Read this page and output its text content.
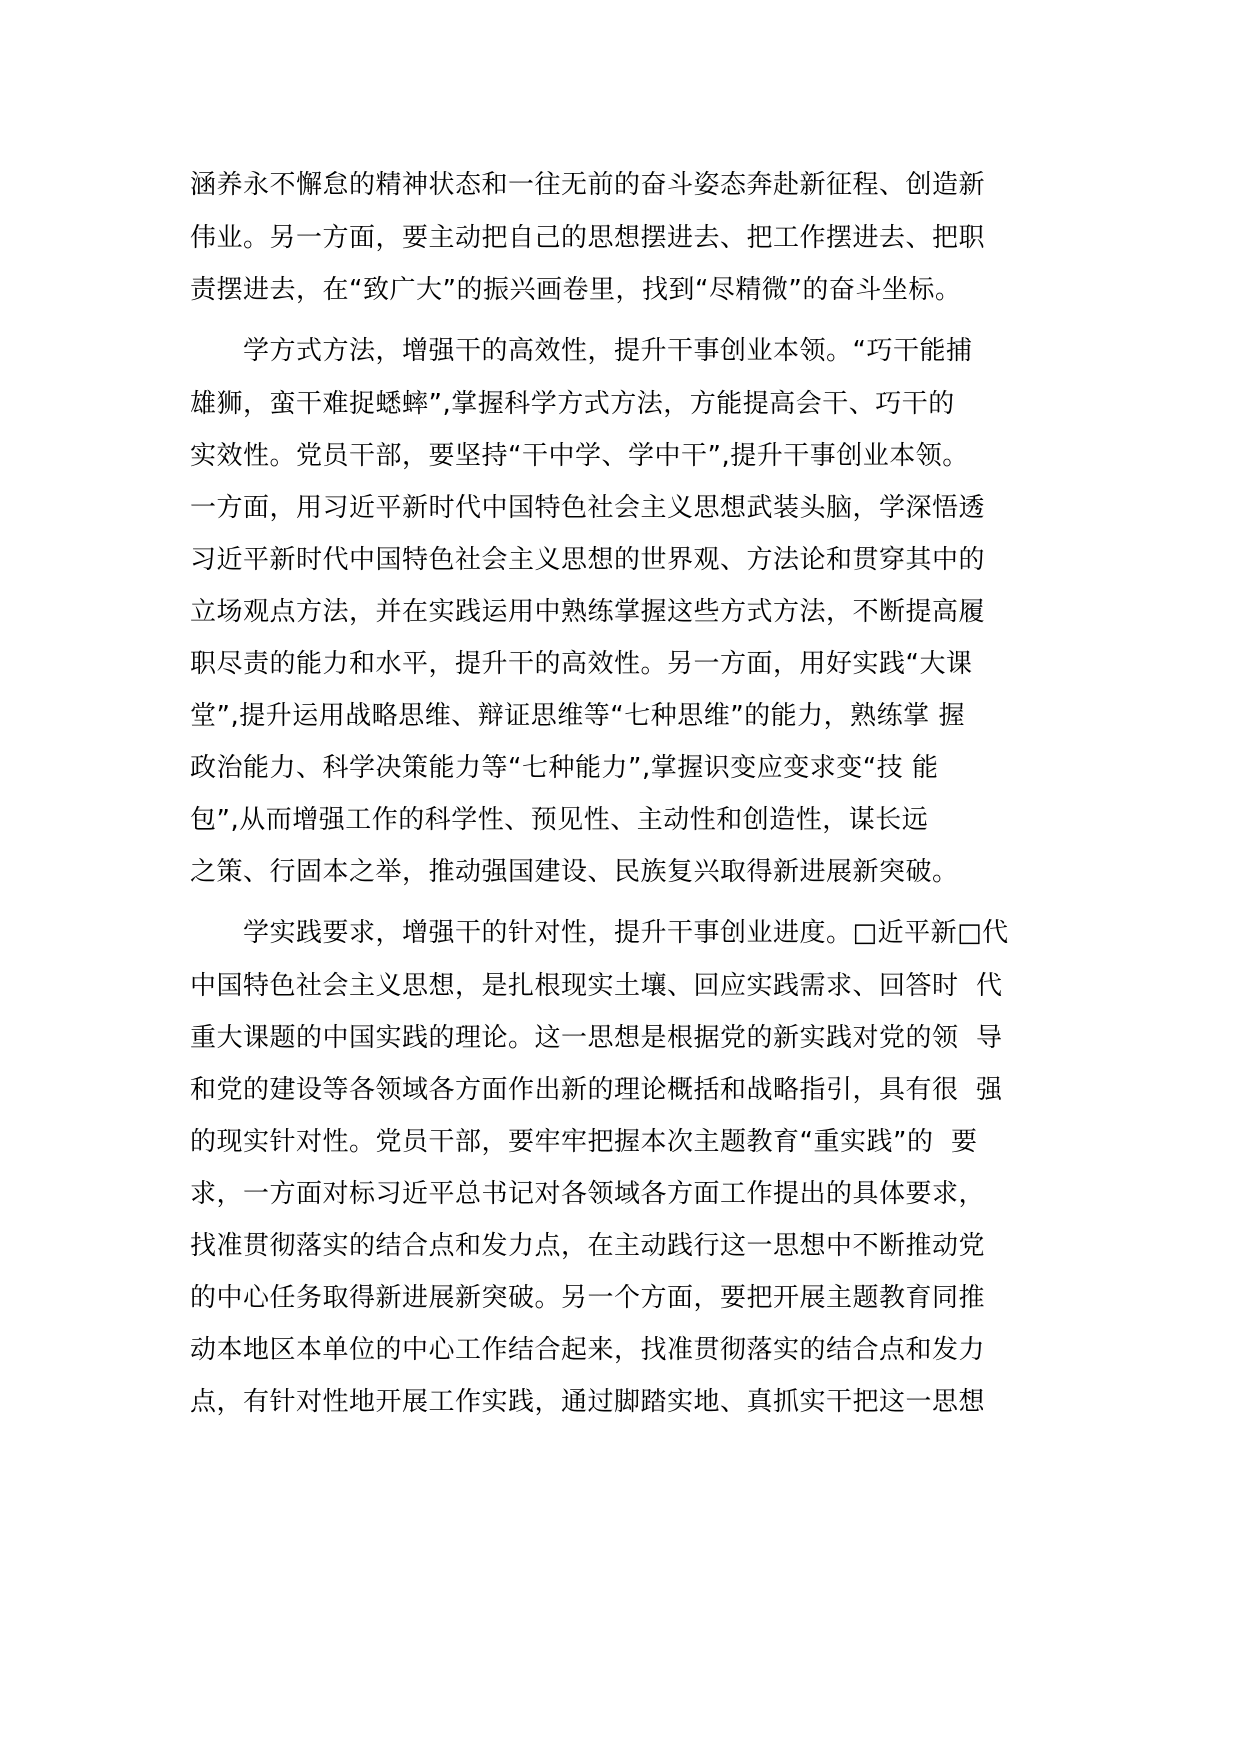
涵养永不懈怠的精神状态和一往无前的奋斗姿态奔赴新征程、创造新
伟业。另一方面，要主动把自己的思想摆进去、把工作摆进去、把职
责摆进去，在“致广大”的振兴画卷里，找到“尽精微”的奋斗坐标。
　　学方式方法，增强干的高效性，提升干事创业本领。“巧干能捕
雄狮，蛮干难捉蟋蟀”,掌握科学方式方法，方能提高会干、巧干的
实效性。党员干部，要坚持“干中学、学中干”,提升干事创业本领。
一方面，用习近平新时代中国特色社会主义思想武装头脑，学深悟透
习近平新时代中国特色社会主义思想的世界观、方法论和贯穿其中的
立场观点方法，并在实践运用中熟练掌握这些方式方法，不断提高履
职尽责的能力和水平，提升干的高效性。另一方面，用好实践“大课
堂”,提升运用战略思维、辩证思维等“七种思维”的能力，熟练掌 握
政治能力、科学决策能力等“七种能力”,掌握识变应变求变“技 能
包”,从而增强工作的科学性、预见性、主动性和创造性，谋长远
之策、行固本之举，推动强国建设、民族复兴取得新进展新突破。
　　学实践要求，增强干的针对性，提升干事创业进度。□近平新□代
中国特色社会主义思想，是扎根现实土壤、回应实践需求、回答时  代
重大课题的中国实践的理论。这一思想是根据党的新实践对党的领  导
和党的建设等各领域各方面作出新的理论概括和战略指引，具有很  强
的现实针对性。党员干部，要牢牢把握本次主题教育“重实践”的  要
求，一方面对标习近平总书记对各领域各方面工作提出的具体要求，
找准贯彻落实的结合点和发力点，在主动践行这一思想中不断推动党
的中心任务取得新进展新突破。另一个方面，要把开展主题教育同推
动本地区本单位的中心工作结合起来，找准贯彻落实的结合点和发力
点，有针对性地开展工作实践，通过脚踏实地、真抓实干把这一思想
